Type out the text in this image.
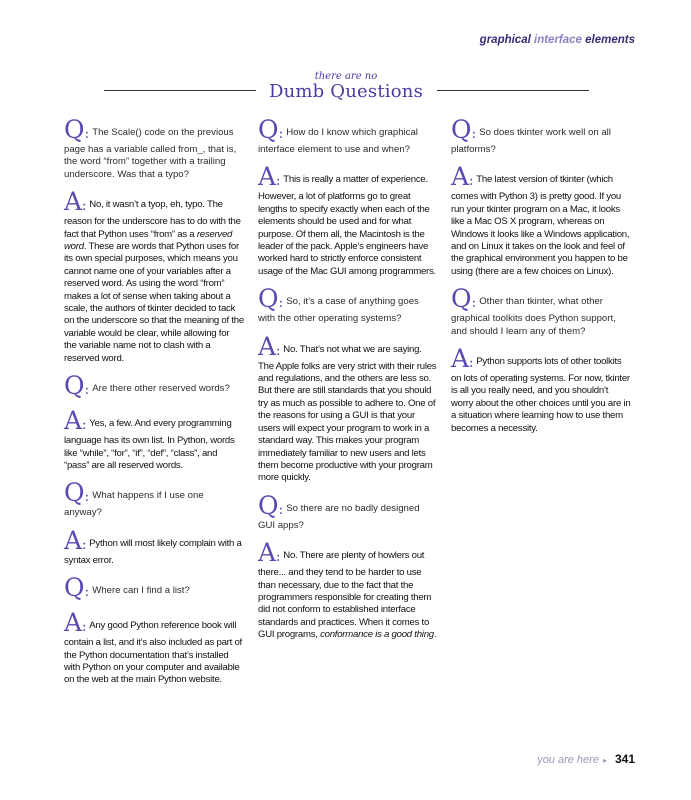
graphical interface elements
there are no
Dumb Questions

Q: The Scale() code on the previous page has a variable called from_, that is, the word “from” together with a trailing underscore. Was that a typo?

A: No, it wasn’t a tyop, eh, typo. The reason for the underscore has to do with the fact that Python uses “from” as a reserved word. These are words that Python uses for its own special purposes, which means you cannot name one of your variables after a reserved word. As using the word “from” makes a lot of sense when taking about a scale, the authors of tkinter decided to tack on the underscore so that the meaning of the variable would be clear, while allowing for the variable name not to clash with a reserved word.

Q: Are there other reserved words?

A: Yes, a few. And every programming language has its own list. In Python, words like “while”, “for”, “if”, “def”, “class”, and “pass” are all reserved words.

Q: What happens if I use one anyway?

A: Python will most likely complain with a syntax error.

Q: Where can I find a list?

A: Any good Python reference book will contain a list, and it’s also included as part of the Python documentation that’s installed with Python on your computer and available on the web at the main Python website.

Q: How do I know which graphical interface element to use and when?

A: This is really a matter of experience. However, a lot of platforms go to great lengths to specify exactly when each of the elements should be used and for what purpose. Of them all, the Macintosh is the leader of the pack. Apple’s engineers have worked hard to strictly enforce consistent usage of the Mac GUI among programmers.

Q: So, it’s a case of anything goes with the other operating systems?

A: No. That’s not what we are saying. The Apple folks are very strict with their rules and regulations, and the others are less so. But there are still standards that you should try as much as possible to adhere to. One of the reasons for using a GUI is that your users will expect your program to work in a standard way. This makes your program immediately familiar to new users and lets them become productive with your program more quickly.

Q: So there are no badly designed GUI apps?

A: No. There are plenty of howlers out there... and they tend to be harder to use than necessary, due to the fact that the programmers responsible for creating them did not conform to established interface standards and practices. When it comes to GUI programs, conformance is a good thing.

Q: So does tkinter work well on all platforms?

A: The latest version of tkinter (which comes with Python 3) is pretty good. If you run your tkinter program on a Mac, it looks like a Mac OS X program, whereas on Windows it looks like a Windows application, and on Linux it takes on the look and feel of the graphical environment you happen to be using (there are a few choices on Linux).

Q: Other than tkinter, what other graphical toolkits does Python support, and should I learn any of them?

A: Python supports lots of other toolkits on lots of operating systems. For now, tkinter is all you really need, and you shouldn’t worry about the other choices until you are in a situation where learning how to use them becomes a necessity.

you are here ▸ 341
